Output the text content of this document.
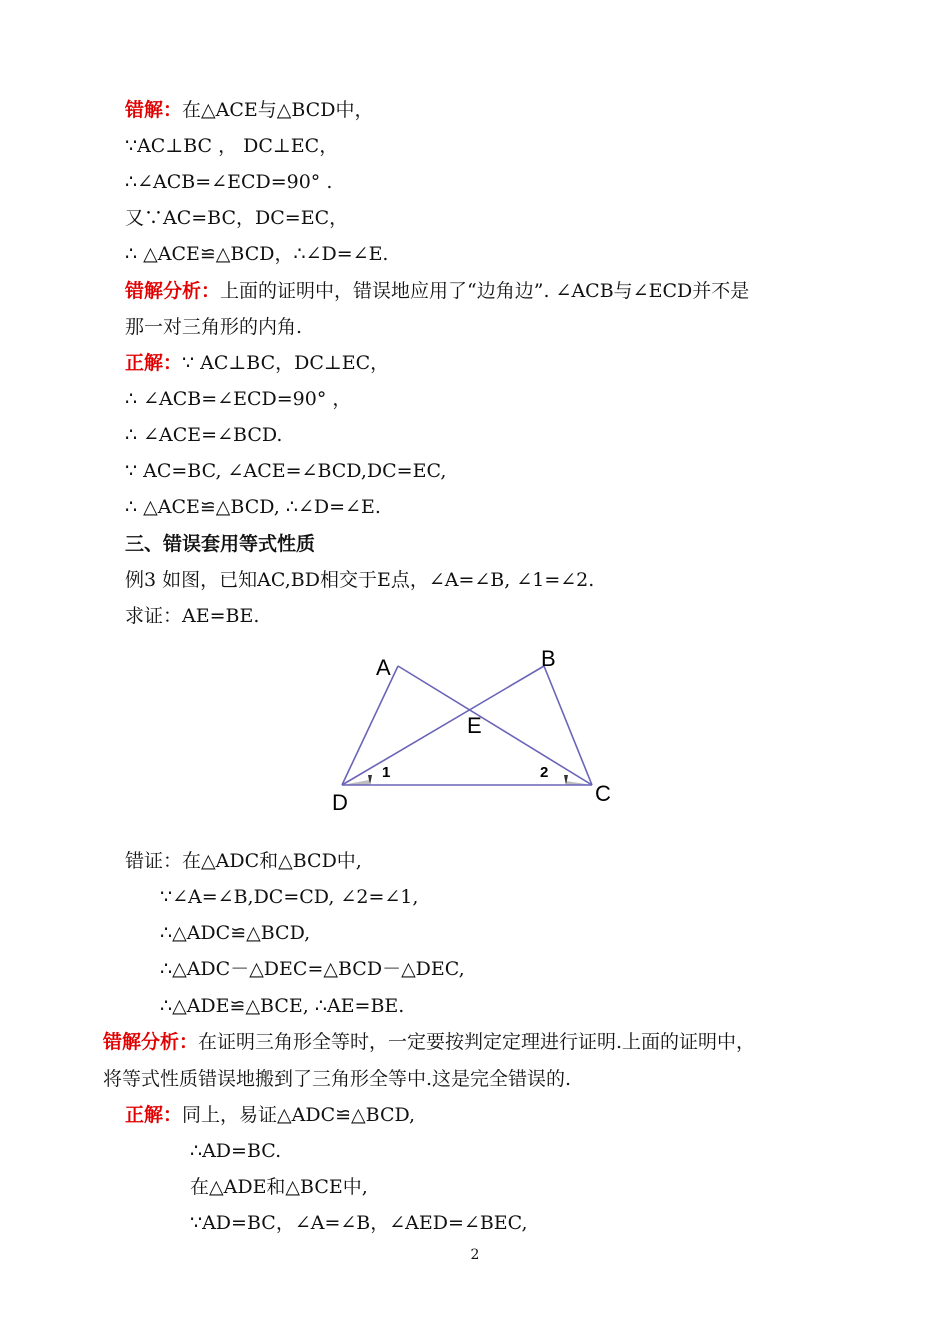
错解：在△ACE与△BCD中，
∵AC⊥BC ， DC⊥EC，
∴∠ACB=∠ECD=90° .
又∵AC=BC，DC=EC，
∴ △ACE≌△BCD，∴∠D=∠E.
错解分析：上面的证明中，错误地应用了“边角边”. ∠ACB与∠ECD并不是
那一对三角形的内角.
正解：∵ AC⊥BC，DC⊥EC，
∴ ∠ACB=∠ECD=90° ，
∴ ∠ACE=∠BCD.
∵ AC=BC, ∠ACE=∠BCD,DC=EC,
∴ △ACE≌△BCD, ∴∠D=∠E.
三、错误套用等式性质
例3 如图，已知AC,BD相交于E点，∠A=∠B, ∠1=∠2.
求证：AE=BE.
A	B
C
D
E
1	2
错证：在△ADC和△BCD中,
∵∠A=∠B,DC=CD, ∠2=∠1,
∴△ADC≌△BCD,
∴△ADC－△DEC=△BCD－△DEC,
∴△ADE≌△BCE, ∴AE=BE.
错解分析：在证明三角形全等时，一定要按判定定理进行证明.上面的证明中，
将等式性质错误地搬到了三角形全等中.这是完全错误的.
正解：同上，易证△ADC≌△BCD,
∴AD=BC.
在△ADE和△BCE中,
∵AD=BC，∠A=∠B，∠AED=∠BEC,
2
